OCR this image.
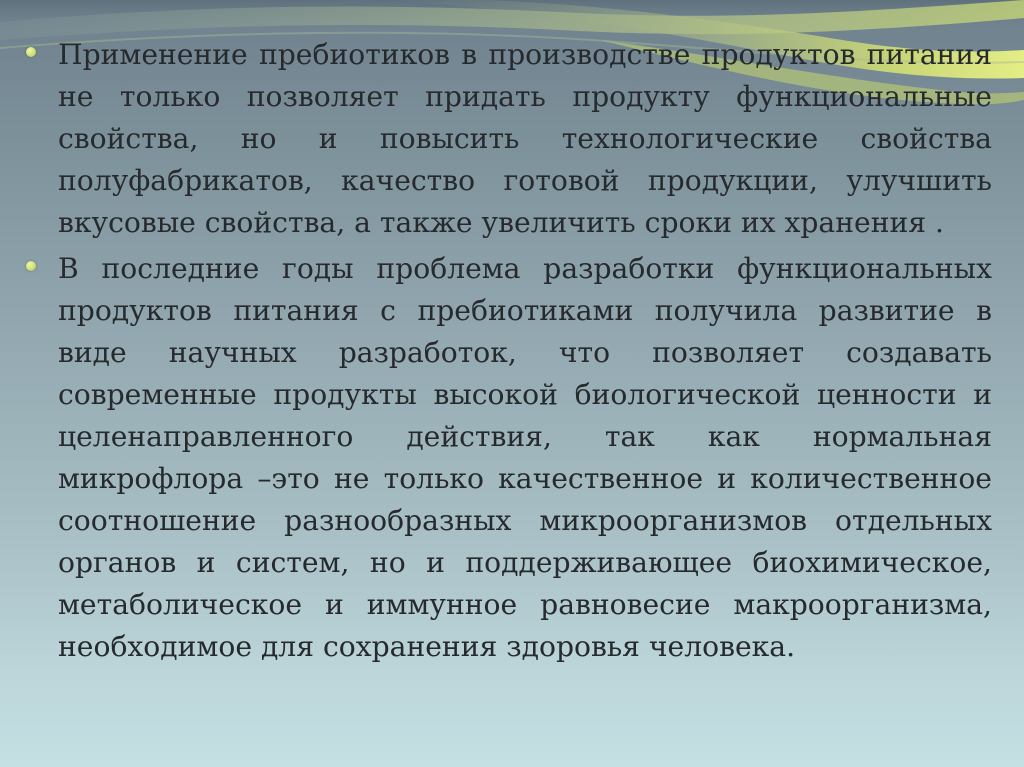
Применение пребиотиков в производстве продуктов питания не только позволяет придать продукту функциональные свойства, но и повысить технологические свойства полуфабрикатов, качество готовой продукции, улучшить вкусовые свойства, а также увеличить сроки их хранения .

В последние годы проблема разработки функциональных продуктов питания с пребиотиками получила развитие в виде научных разработок, что позволяет создавать современные продукты высокой биологической ценности и целенаправленного действия, так как нормальная микрофлора –это не только качественное и количественное соотношение разнообразных микроорганизмов отдельных органов и систем, но и поддерживающее биохимическое, метаболическое и иммунное равновесие макроорганизма, необходимое для сохранения здоровья человека.
